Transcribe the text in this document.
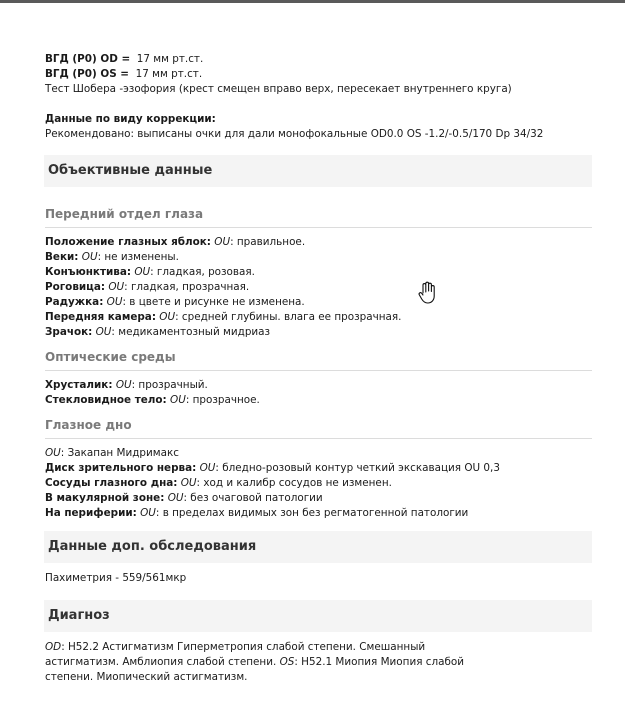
ВГД (P0) OD = 17 мм рт.ст.
ВГД (P0) OS = 17 мм рт.ст.
Тест Шобера -эзофория (крест смещен вправо верх, пересекает внутреннего круга)
Данные по виду коррекции:
Рекомендовано: выписаны очки для дали монофокальные OD0.0 OS -1.2/-0.5/170 Dp 34/32
Объективные данные
Передний отдел глаза
Положение глазных яблок: OU: правильное.
Веки: OU: не изменены.
Конъюнктива: OU: гладкая, розовая.
Роговица: OU: гладкая, прозрачная.
Радужка: OU: в цвете и рисунке не изменена.
Передняя камера: OU: средней глубины. влага ее прозрачная.
Зрачок: OU: медикаментозный мидриаз
Оптические среды
Хрусталик: OU: прозрачный.
Стекловидное тело: OU: прозрачное.
Глазное дно
OU: Закапан Мидримакс
Диск зрительного нерва: OU: бледно-розовый контур четкий экскавация OU 0,3
Сосуды глазного дна: OU: ход и калибр сосудов не изменен.
В макулярной зоне: OU: без очаговой патологии
На периферии: OU: в пределах видимых зон без регматогенной патологии
Данные доп. обследования
Пахиметрия - 559/561мкр
Диагноз
OD: H52.2 Астигматизм Гиперметропия слабой степени. Смешанный астигматизм. Амблиопия слабой степени. OS: H52.1 Миопия Миопия слабой степени. Миопический астигматизм.
